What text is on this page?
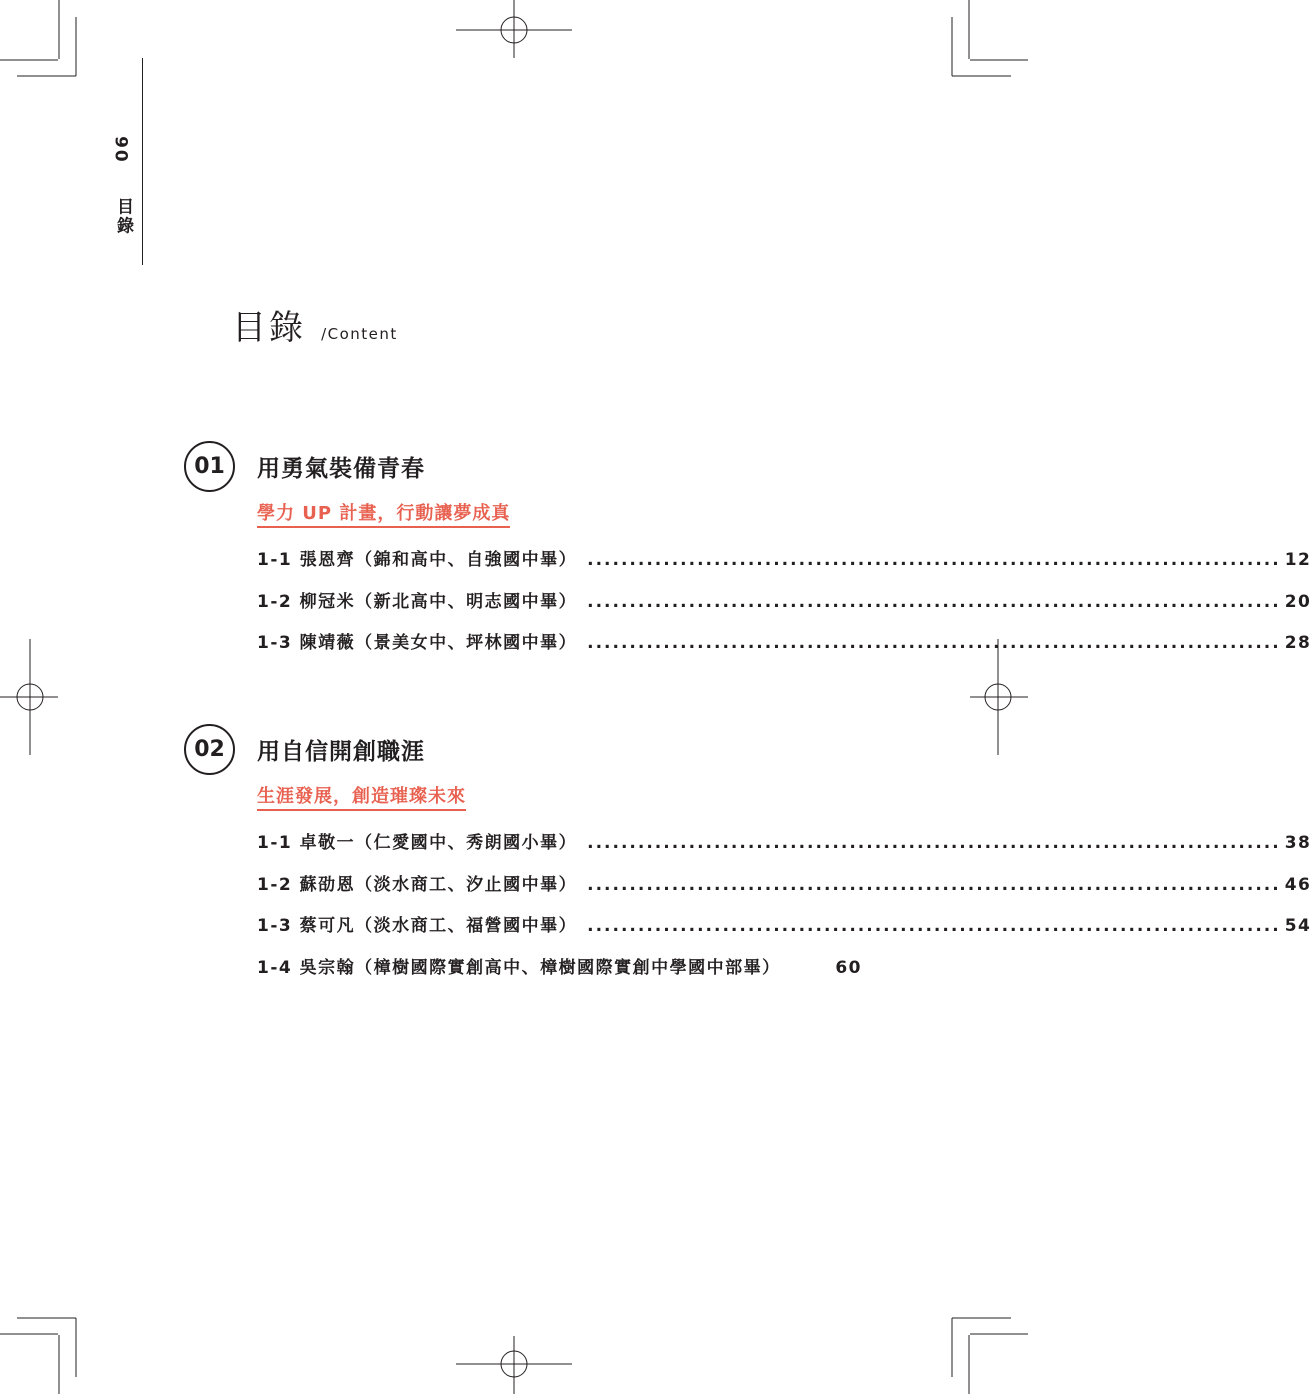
06  目錄
目錄 /Content
01	用勇氣裝備青春
學力 UP 計畫，行動讓夢成真
1-1 張恩齊（錦和高中、自強國中畢） .................................................................................. 12
1-2 柳冠米（新北高中、明志國中畢） .................................................................................. 20
1-3 陳靖薇（景美女中、坪林國中畢） .................................................................................. 28
02	用自信開創職涯
生涯發展，創造璀璨未來
1-1 卓敬一（仁愛國中、秀朗國小畢） .................................................................................. 38
1-2 蘇劭恩（淡水商工、汐止國中畢） .................................................................................. 46
1-3 蔡可凡（淡水商工、福營國中畢） .................................................................................. 54
1-4 吳宗翰（樟樹國際實創高中、樟樹國際實創中學國中部畢）	60
